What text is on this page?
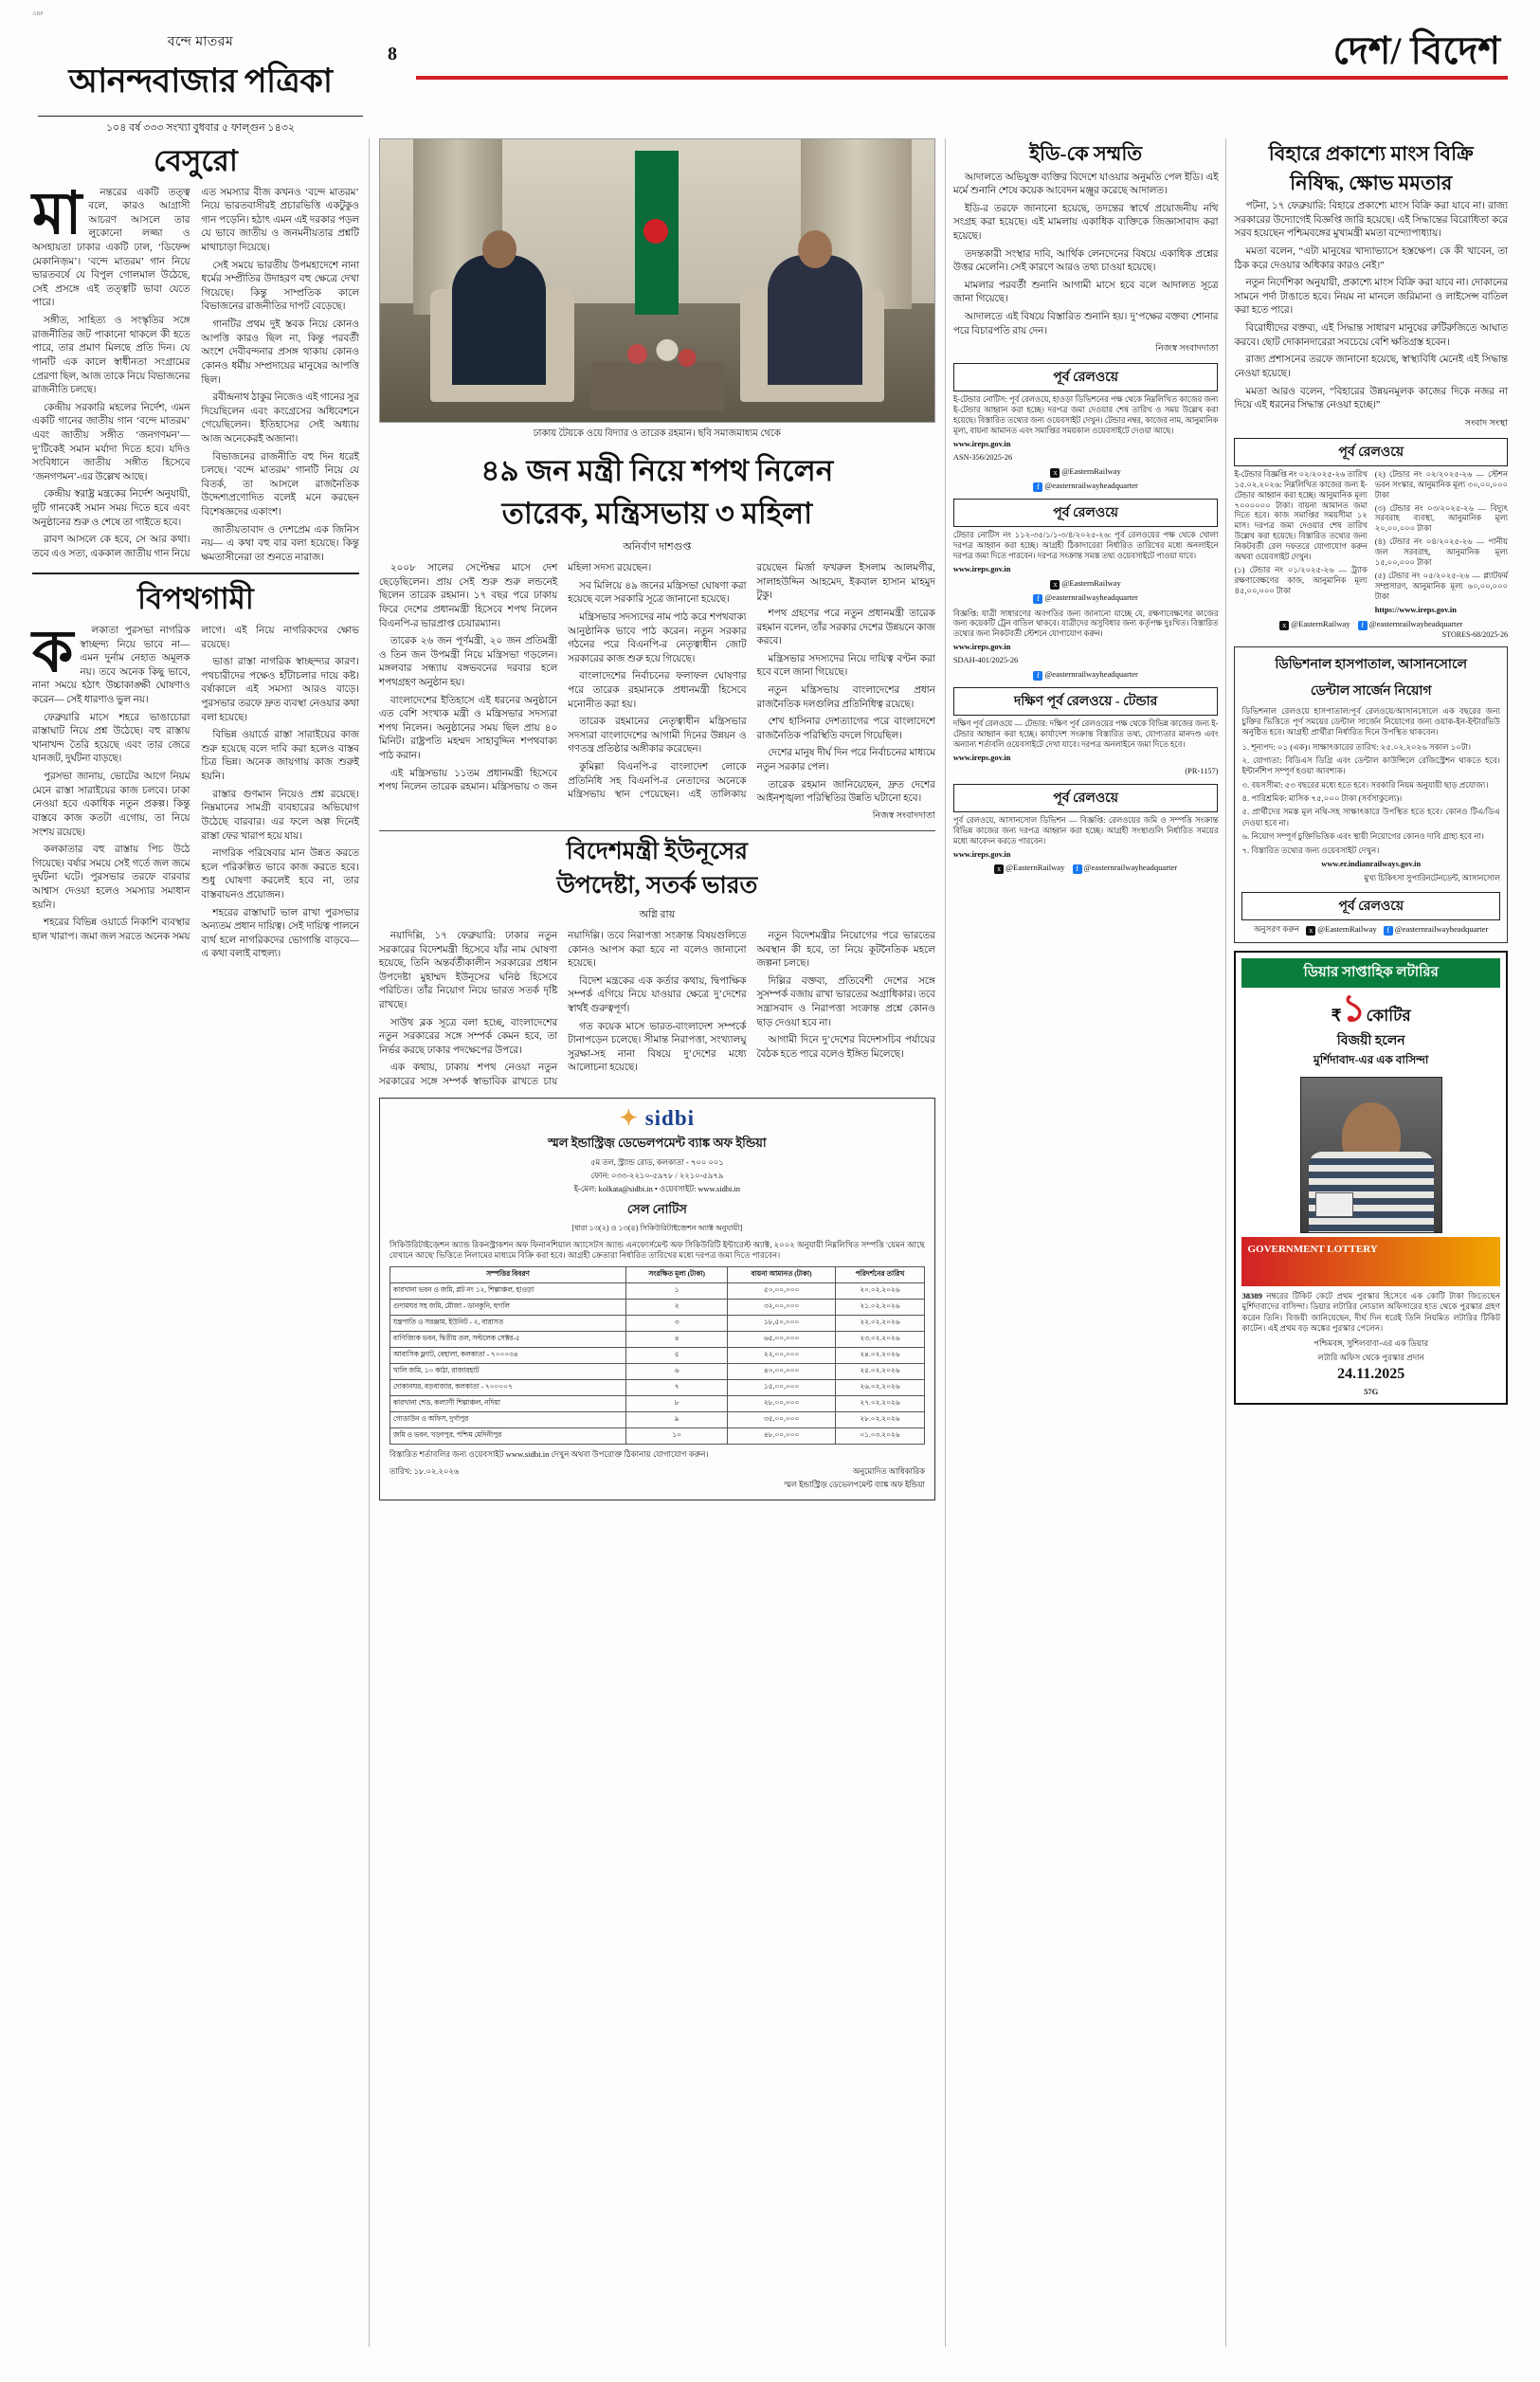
ABP
বন্দে মাতরম
আনন্দবাজার পত্রিকা
১০৪ বর্ষ ৩৩৩ সংখ্যা বুধবার ৫ ফাল্গুন ১৪৩২
8	দেশ/ বিদেশ
বেসুরো
মা	নন্তরের একটি তত্ত্ব বলে, কারও আগ্রাসী আচরণ আসলে তার লুকোনো লজ্জা ও অসহায়তা ঢাকার একটি ঢাল, ‘ডিফেন্স মেকানিজ়ম’। ‘বন্দে মাতরম’ গান নিয়ে ভারতবর্ষে যে বিপুল গোলমাল উঠেছে, সেই প্রসঙ্গে এই তত্ত্বটি ভাবা যেতে পারে।

সঙ্গীত, সাহিত্য ও সংস্কৃতির সঙ্গে রাজনীতির জট পাকানো থাকলে কী হতে পারে, তার প্রমাণ মিলছে প্রতি দিন। যে গানটি এক কালে স্বাধীনতা সংগ্রামের প্রেরণা ছিল, আজ তাকে নিয়ে বিভাজনের রাজনীতি চলছে।

কেন্দ্রীয় সরকারি মহলের নির্দেশ, এমন একটি গানের জাতীয় গান ‘বন্দে মাতরম’ এবং জাতীয় সঙ্গীত ‘জনগণমন’— দু’টিকেই সমান মর্যাদা দিতে হবে। যদিও সংবিধানে জাতীয় সঙ্গীত হিসেবে ‘জনগণমন’-এর উল্লেখ আছে।

কেন্দ্রীয় স্বরাষ্ট্র মন্ত্রকের নির্দেশ অনুযায়ী, দুটি গানকেই সমান সময় দিতে হবে এবং অনুষ্ঠানের শুরু ও শেষে তা গাইতে হবে।

রাবণ আসলে কে হবে, সে আর কথা। তবে এও সত্য, এককাল জাতীয় গান নিয়ে এত সমস্যার বীজ কখনও ‘বন্দে মাতরম’ নিয়ে ভারতবাসীরই প্রচারভিত্তি একটুকুও গান পড়েনি। হঠাৎ এমন এই দরকার পড়ল যে ভাবে জাতীয় ও জনমনীয়তার প্রশ্নটি মাথাচাড়া দিয়েছে।

সেই সময়ে ভারতীয় উপমহাদেশে নানা ধর্মের সম্প্রীতির উদাহরণ বহু ক্ষেত্রে দেখা গিয়েছে। কিন্তু সাম্প্রতিক কালে বিভাজনের রাজনীতির দাপট বেড়েছে।

গানটির প্রথম দুই স্তবক নিয়ে কোনও আপত্তি কারও ছিল না, কিন্তু পরবর্তী অংশে দেবীবন্দনার প্রসঙ্গ থাকায় কোনও কোনও ধর্মীয় সম্প্রদায়ের মানুষের আপত্তি ছিল।

রবীন্দ্রনাথ ঠাকুর নিজেও এই গানের সুর দিয়েছিলেন এবং কংগ্রেসের অধিবেশনে গেয়েছিলেন। ইতিহাসের সেই অধ্যায় আজ অনেকেরই অজানা।

বিভাজনের রাজনীতি বহু দিন ধরেই চলছে। ‘বন্দে মাতরম’ গানটি নিয়ে যে বিতর্ক, তা আসলে রাজনৈতিক উদ্দেশ্যপ্রণোদিত বলেই মনে করছেন বিশেষজ্ঞদের একাংশ।

জাতীয়তাবাদ ও দেশপ্রেম এক জিনিস নয়— এ কথা বহু বার বলা হয়েছে। কিন্তু ক্ষমতাসীনেরা তা শুনতে নারাজ।

বিপথগামী
ক	লকাতা পুরসভা নাগরিক স্বাচ্ছন্দ্য নিয়ে ভাবে না— এমন দুর্নাম নেহাত অমূলক নয়। তবে অনেক কিছু ভাবে, নানা সময়ে হঠাৎ উচ্চাকাঙ্ক্ষী ঘোষণাও করেন— সেই ধারণাও ভুল নয়।

ফেব্রুয়ারি মাসে শহরে ভাঙাচোরা রাস্তাঘাট নিয়ে প্রশ্ন উঠেছে। বহু রাস্তায় খানাখন্দ তৈরি হয়েছে এবং তার জেরে যানজট, দুর্ঘটনা বাড়ছে।

পুরসভা জানায়, ভোটের আগে নিয়ম মেনে রাস্তা সারাইয়ের কাজ চলবে। ঢাকা নেওয়া হবে একাধিক নতুন প্রকল্প। কিন্তু বাস্তবে কাজ কতটা এগোয়, তা নিয়ে সংশয় রয়েছে।

কলকাতার বহু রাস্তায় পিচ উঠে গিয়েছে। বর্ষার সময়ে সেই গর্তে জল জমে দুর্ঘটনা ঘটে। পুরসভার তরফে বারবার আশ্বাস দেওয়া হলেও সমস্যার সমাধান হয়নি।

শহরের বিভিন্ন ওয়ার্ডে নিকাশি ব্যবস্থার হাল খারাপ। জমা জল সরতে অনেক সময় লাগে। এই নিয়ে নাগরিকদের ক্ষোভ রয়েছে।

ভাঙা রাস্তা নাগরিক স্বাচ্ছন্দ্যর কারণ। পথচারীদের পক্ষেও হাঁটাচলার দায়ে কষ্ট। বর্ষাকালে এই সমস্যা আরও বাড়ে। পুরসভার তরফে দ্রুত ব্যবস্থা নেওয়ার কথা বলা হয়েছে।

বিভিন্ন ওয়ার্ডে রাস্তা সারাইয়ের কাজ শুরু হয়েছে বলে দাবি করা হলেও বাস্তব চিত্র ভিন্ন। অনেক জায়গায় কাজ শুরুই হয়নি।

রাস্তার গুণমান নিয়েও প্রশ্ন রয়েছে। নিম্নমানের সামগ্রী ব্যবহারের অভিযোগ উঠেছে বারবার। এর ফলে অল্প দিনেই রাস্তা ফের খারাপ হয়ে যায়।

নাগরিক পরিষেবার মান উন্নত করতে হলে পরিকল্পিত ভাবে কাজ করতে হবে। শুধু ঘোষণা করলেই হবে না, তার বাস্তবায়নও প্রয়োজন।

শহরের রাস্তাঘাট ভাল রাখা পুরসভার অন্যতম প্রধান দায়িত্ব। সেই দায়িত্ব পালনে ব্যর্থ হলে নাগরিকদের ভোগান্তি বাড়বে— এ কথা বলাই বাহুল্য।

ঢাকায় টৈয়কে ওয়ে বিদ্যার ও তারেক রহমান। ছবি সমাজমাধ্যম থেকে
৪৯ জন মন্ত্রী নিয়ে শপথ নিলেন
তারেক, মন্ত্রিসভায় ৩ মহিলা
অনির্বাণ দাশগুপ্ত

২০০৮ সালের সেপ্টেম্বর মাসে দেশ ছেড়েছিলেন। প্রায় সেই শুরু শুরু লন্ডনেই ছিলেন তারেক রহমান। ১৭ বছর পরে ঢাকায় ফিরে দেশের প্রধানমন্ত্রী হিসেবে শপথ নিলেন বিএনপি-র ভারপ্রাপ্ত চেয়ারম্যান।

তারেক ২৬ জন পূর্ণমন্ত্রী, ২০ জন প্রতিমন্ত্রী ও তিন জন উপমন্ত্রী নিয়ে মন্ত্রিসভা গড়লেন। মঙ্গলবার সন্ধ্যায় বঙ্গভবনের দরবার হলে শপথগ্রহণ অনুষ্ঠান হয়।

বাংলাদেশের ইতিহাসে এই ধরনের অনুষ্ঠানে এত বেশি সংখ্যক মন্ত্রী ও মন্ত্রিসভার সদস্যরা শপথ নিলেন। অনুষ্ঠানের সময় ছিল প্রায় ৪০ মিনিট। রাষ্ট্রপতি মহম্মদ সাহাবুদ্দিন শপথবাক্য পাঠ করান।

এই মন্ত্রিসভায় ১১তম প্রধানমন্ত্রী হিসেবে শপথ নিলেন তারেক রহমান। মন্ত্রিসভায় ৩ জন মহিলা সদস্য রয়েছেন।

সব মিলিয়ে ৪৯ জনের মন্ত্রিসভা ঘোষণা করা হয়েছে বলে সরকারি সূত্রে জানানো হয়েছে।

মন্ত্রিসভার সদস্যদের নাম পাঠ করে শপথবাক্য আনুষ্ঠানিক ভাবে পাঠ করেন। নতুন সরকার গঠনের পরে বিএনপি-র নেতৃত্বাধীন জোট সরকারের কাজ শুরু হয়ে গিয়েছে।

বাংলাদেশের নির্বাচনের ফলাফল ঘোষণার পরে তারেক রহমানকে প্রধানমন্ত্রী হিসেবে মনোনীত করা হয়।

তারেক রহমানের নেতৃত্বাধীন মন্ত্রিসভার সদস্যরা বাংলাদেশের আগামী দিনের উন্নয়ন ও গণতন্ত্র প্রতিষ্ঠার অঙ্গীকার করেছেন।

কুমিল্লা বিএনপি-র বাংলাদেশ লোকে প্রতিনিধি সহ বিএনপি-র নেতাদের অনেকে মন্ত্রিসভায় স্থান পেয়েছেন। এই তালিকায় রয়েছেন মির্জা ফখরুল ইসলাম আলমগীর, সালাহউদ্দিন আহমেদ, ইকবাল হাসান মাহমুদ টুকু।

শপথ গ্রহণের পরে নতুন প্রধানমন্ত্রী তারেক রহমান বলেন, তাঁর সরকার দেশের উন্নয়নে কাজ করবে।

মন্ত্রিসভার সদস্যদের নিয়ে দায়িত্ব বণ্টন করা হবে বলে জানা গিয়েছে।

নতুন মন্ত্রিসভায় বাংলাদেশের প্রধান রাজনৈতিক দলগুলির প্রতিনিধিত্ব রয়েছে।

শেখ হাসিনার দেশত্যাগের পরে বাংলাদেশে রাজনৈতিক পরিস্থিতি বদলে গিয়েছিল।

দেশের মানুষ দীর্ঘ দিন পরে নির্বাচনের মাধ্যমে নতুন সরকার পেল।

তারেক রহমান জানিয়েছেন, দ্রুত দেশের আইনশৃঙ্খলা পরিস্থিতির উন্নতি ঘটানো হবে।

নিজস্ব সংবাদদাতা
বিদেশমন্ত্রী ইউনূসের
উপদেষ্টা, সতর্ক ভারত
অগ্নি রায়

নয়াদিল্লি, ১৭ ফেব্রুয়ারি: ঢাকার নতুন সরকারের বিদেশমন্ত্রী হিসেবে যাঁর নাম ঘোষণা হয়েছে, তিনি অন্তর্বর্তীকালীন সরকারের প্রধান উপদেষ্টা মুহাম্মদ ইউনূসের ঘনিষ্ঠ হিসেবে পরিচিত। তাঁর নিয়োগ নিয়ে ভারত সতর্ক দৃষ্টি রাখছে।

সাউথ ব্লক সূত্রে বলা হচ্ছে, বাংলাদেশের নতুন সরকারের সঙ্গে সম্পর্ক কেমন হবে, তা নির্ভর করছে ঢাকার পদক্ষেপের উপরে।

এক কথায়, ঢাকায় শপথ নেওয়া নতুন সরকারের সঙ্গে সম্পর্ক স্বাভাবিক রাখতে চায় নয়াদিল্লি। তবে নিরাপত্তা সংক্রান্ত বিষয়গুলিতে কোনও আপস করা হবে না বলেও জানানো হয়েছে।

বিদেশ মন্ত্রকের এক কর্তার কথায়, দ্বিপাক্ষিক সম্পর্ক এগিয়ে নিয়ে যাওয়ার ক্ষেত্রে দু’দেশের স্বার্থই গুরুত্বপূর্ণ।

গত কয়েক মাসে ভারত-বাংলাদেশ সম্পর্কে টানাপড়েন চলেছে। সীমান্ত নিরাপত্তা, সংখ্যালঘু সুরক্ষা-সহ নানা বিষয়ে দু’দেশের মধ্যে আলোচনা হয়েছে।

নতুন বিদেশমন্ত্রীর নিয়োগের পরে ভারতের অবস্থান কী হবে, তা নিয়ে কূটনৈতিক মহলে জল্পনা চলছে।

দিল্লির বক্তব্য, প্রতিবেশী দেশের সঙ্গে সুসম্পর্ক বজায় রাখা ভারতের অগ্রাধিকার। তবে সন্ত্রাসবাদ ও নিরাপত্তা সংক্রান্ত প্রশ্নে কোনও ছাড় দেওয়া হবে না।

আগামী দিনে দু’দেশের বিদেশসচিব পর্যায়ের বৈঠক হতে পারে বলেও ইঙ্গিত মিলেছে।

✦ sidbi
স্মল ইন্ডাস্ট্রিজ় ডেভেলপমেন্ট ব্যাঙ্ক অফ ইন্ডিয়া
৫ম তল, স্ট্র্যান্ড রোড, কলকাতা - ৭০০ ০০১
ফোন: ০৩৩-২২১০-৫৯৭৮ / ২২১০-৫৯৭৯
ই-মেল: kolkata@sidbi.in • ওয়েবসাইট: www.sidbi.in
সেল নোটিস
[ধারা ১৩(২) ও ১৩(৪) সিকিউরিটাইজ়েশন অ্যাক্ট অনুযায়ী]
সিকিউরিটাইজ়েশন অ্যান্ড রিকনস্ট্রাকশন অফ ফিনানশিয়াল অ্যাসেটস অ্যান্ড এনফোর্সমেন্ট অফ সিকিউরিটি ইন্টারেস্ট অ্যাক্ট, ২০০২ অনুযায়ী নিম্নলিখিত সম্পত্তি 'যেমন আছে যেখানে আছে' ভিত্তিতে নিলামের মাধ্যমে বিক্রি করা হবে। আগ্রহী ক্রেতারা নির্ধারিত তারিখের মধ্যে দরপত্র জমা দিতে পারবেন।
সম্পত্তির বিবরণ	সংরক্ষিত মূল্য (টাকা)	বায়না আমানত (টাকা)	পরিদর্শনের তারিখ
কারখানা ভবন ও জমি, প্লট নং ১২, শিল্পাঞ্চল, হাওড়া	১	৫০,০০,০০০	২০.০২.২০২৬
গুদামঘর সহ জমি, মৌজা - ডানকুনি, হুগলি	২	৩২,০০,০০০	২১.০২.২০২৬
যন্ত্রপাতি ও সরঞ্জাম, ইউনিট - ২, বারাসত	৩	১৮,৫০,০০০	২২.০২.২০২৬
বাণিজ্যিক ভবন, দ্বিতীয় তল, সল্টলেক সেক্টর-৫	৪	৬৫,০০,০০০	২৩.০২.২০২৬
আবাসিক ফ্ল্যাট, বেহালা, কলকাতা - ৭০০০৩৪	৫	২২,০০,০০০	২৪.০২.২০২৬
খালি জমি, ১০ কাঠা, রাজারহাট	৬	৪০,০০,০০০	২৫.০২.২০২৬
দোকানঘর, বড়বাজার, কলকাতা - ৭০০০০৭	৭	১৫,০০,০০০	২৬.০২.২০২৬
কারখানা শেড, কল্যাণী শিল্পাঞ্চল, নদিয়া	৮	২৮,০০,০০০	২৭.০২.২০২৬
গোডাউন ও অফিস, দুর্গাপুর	৯	৩৫,০০,০০০	২৮.০২.২০২৬
জমি ও ভবন, খড়্গপুর, পশ্চিম মেদিনীপুর	১০	৪৮,০০,০০০	০১.০৩.২০২৬
বিস্তারিত শর্তাবলির জন্য ওয়েবসাইট www.sidbi.in দেখুন অথবা উপরোক্ত ঠিকানায় যোগাযোগ করুন।
তারিখ: ১৮.০২.২০২৬	অনুমোদিত আধিকারিক
স্মল ইন্ডাস্ট্রিজ় ডেভেলপমেন্ট ব্যাঙ্ক অফ ইন্ডিয়া
ইডি-কে সম্মতি

আদালতে অভিযুক্ত ব্যক্তির বিদেশে যাওয়ার অনুমতি পেল ইডি। এই মর্মে শুনানি শেষে কয়েক আবেদন মঞ্জুর করেছে আদালত।

ইডি-র তরফে জানানো হয়েছে, তদন্তের স্বার্থে প্রয়োজনীয় নথি সংগ্রহ করা হয়েছে। এই মামলায় একাধিক ব্যক্তিকে জিজ্ঞাসাবাদ করা হয়েছে।

তদন্তকারী সংস্থার দাবি, আর্থিক লেনদেনের বিষয়ে একাধিক প্রশ্নের উত্তর মেলেনি। সেই কারণে আরও তথ্য চাওয়া হয়েছে।

মামলার পরবর্তী শুনানি আগামী মাসে হবে বলে আদালত সূত্রে জানা গিয়েছে।

আদালতে এই বিষয়ে বিস্তারিত শুনানি হয়। দু’পক্ষের বক্তব্য শোনার পরে বিচারপতি রায় দেন।

নিজস্ব সংবাদদাতা
পূর্ব রেলওয়ে

ই-টেন্ডার নোটিস: পূর্ব রেলওয়ে, হাওড়া ডিভিশনের পক্ষ থেকে নিম্নলিখিত কাজের জন্য ই-টেন্ডার আহ্বান করা হচ্ছে। দরপত্র জমা দেওয়ার শেষ তারিখ ও সময় উল্লেখ করা হয়েছে। বিস্তারিত তথ্যের জন্য ওয়েবসাইট দেখুন। টেন্ডার নম্বর, কাজের নাম, আনুমানিক মূল্য, বায়না আমানত এবং সমাপ্তির সময়কাল ওয়েবসাইটে দেওয়া আছে।

www.ireps.gov.in

ASN-356/2025-26

x @EasternRailway
f @easternrailwayheadquarter
পূর্ব রেলওয়ে

টেন্ডার নোটিস নং ১১২-৩৫/১/১-৩/৪/২০২৫-২৬: পূর্ব রেলওয়ের পক্ষ থেকে খোলা দরপত্র আহ্বান করা হচ্ছে। আগ্রহী ঠিকাদারেরা নির্ধারিত তারিখের মধ্যে অনলাইনে দরপত্র জমা দিতে পারবেন। দরপত্র সংক্রান্ত সমস্ত তথ্য ওয়েবসাইটে পাওয়া যাবে।

www.ireps.gov.in

x @EasternRailway
f @easternrailwayheadquarter

বিজ্ঞপ্তি: যাত্রী সাধারণের অবগতির জন্য জানানো যাচ্ছে যে, রক্ষণাবেক্ষণের কাজের জন্য কয়েকটি ট্রেন বাতিল থাকবে। যাত্রীদের অসুবিধার জন্য কর্তৃপক্ষ দুঃখিত। বিস্তারিত তথ্যের জন্য নিকটবর্তী স্টেশনে যোগাযোগ করুন।

www.ireps.gov.in

SDAH-401/2025-26

f @easternrailwayheadquarter
দক্ষিণ পূর্ব রেলওয়ে - টেন্ডার

দক্ষিণ পূর্ব রেলওয়ে — টেন্ডার: দক্ষিণ পূর্ব রেলওয়ের পক্ষ থেকে বিভিন্ন কাজের জন্য ই-টেন্ডার আহ্বান করা হচ্ছে। কার্যাদেশ সংক্রান্ত বিস্তারিত তথ্য, যোগ্যতার মানদণ্ড এবং অন্যান্য শর্তাবলি ওয়েবসাইটে দেখা যাবে। দরপত্র অনলাইনে জমা দিতে হবে।

www.ireps.gov.in

(PR-1157)

পূর্ব রেলওয়ে

পূর্ব রেলওয়ে, আসানসোল ডিভিশন — বিজ্ঞপ্তি: রেলওয়ের জমি ও সম্পত্তি সংক্রান্ত বিভিন্ন কাজের জন্য দরপত্র আহ্বান করা হচ্ছে। আগ্রহী সংস্থাগুলি নির্ধারিত সময়ের মধ্যে আবেদন করতে পারবেন।

www.ireps.gov.in

x @EasternRailway f @easternrailwayheadquarter
বিহারে প্রকাশ্যে মাংস বিক্রি
নিষিদ্ধ, ক্ষোভ মমতার

পটনা, ১৭ ফেব্রুয়ারি: বিহারে প্রকাশ্যে মাংস বিক্রি করা যাবে না। রাজ্য সরকারের উদ্যোগেই বিজ্ঞপ্তি জারি হয়েছে। এই সিদ্ধান্তের বিরোধিতা করে সরব হয়েছেন পশ্চিমবঙ্গের মুখ্যমন্ত্রী মমতা বন্দ্যোপাধ্যায়।

মমতা বলেন, “এটা মানুষের খাদ্যাভ্যাসে হস্তক্ষেপ। কে কী খাবেন, তা ঠিক করে দেওয়ার অধিকার কারও নেই।”

নতুন নির্দেশিকা অনুযায়ী, প্রকাশ্যে মাংস বিক্রি করা যাবে না। দোকানের সামনে পর্দা টাঙাতে হবে। নিয়ম না মানলে জরিমানা ও লাইসেন্স বাতিল করা হতে পারে।

বিরোধীদের বক্তব্য, এই সিদ্ধান্ত সাধারণ মানুষের রুটিরুজিতে আঘাত করবে। ছোট দোকানদারেরা সবচেয়ে বেশি ক্ষতিগ্রস্ত হবেন।

রাজ্য প্রশাসনের তরফে জানানো হয়েছে, স্বাস্থ্যবিধি মেনেই এই সিদ্ধান্ত নেওয়া হয়েছে।

মমতা আরও বলেন, “বিহারের উন্নয়নমূলক কাজের দিকে নজর না দিয়ে এই ধরনের সিদ্ধান্ত নেওয়া হচ্ছে।”

সংবাদ সংস্থা
পূর্ব রেলওয়ে

ই-টেন্ডার বিজ্ঞপ্তি নং ০২/২০২৫-২৬ তারিখ ১৫.০২.২০২৬: নিম্নলিখিত কাজের জন্য ই-টেন্ডার আহ্বান করা হচ্ছে। আনুমানিক মূল্য ৭০০০০০০ টাকা। বায়না আমানত জমা দিতে হবে। কাজ সমাপ্তির সময়সীমা ১২ মাস। দরপত্র জমা দেওয়ার শেষ তারিখ উল্লেখ করা হয়েছে। বিস্তারিত তথ্যের জন্য নিকটবর্তী রেল দফতরে যোগাযোগ করুন অথবা ওয়েবসাইট দেখুন।

(১) টেন্ডার নং ০১/২০২৫-২৬ — ট্র্যাক রক্ষণাবেক্ষণের কাজ, আনুমানিক মূল্য ৪৫,০০,০০০ টাকা

(২) টেন্ডার নং ০২/২০২৫-২৬ — স্টেশন ভবন সংস্কার, আনুমানিক মূল্য ৩০,০০,০০০ টাকা

(৩) টেন্ডার নং ০৩/২০২৫-২৬ — বিদ্যুৎ সরবরাহ ব্যবস্থা, আনুমানিক মূল্য ২০,০০,০০০ টাকা

(৪) টেন্ডার নং ০৪/২০২৫-২৬ — পানীয় জল সরবরাহ, আনুমানিক মূল্য ১৫,০০,০০০ টাকা

(৫) টেন্ডার নং ০৫/২০২৫-২৬ — প্ল্যাটফর্ম সম্প্রসারণ, আনুমানিক মূল্য ৬০,০০,০০০ টাকা

https://www.ireps.gov.in

x @EasternRailway f @easternrailwayheadquarter
STORES-68/2025-26
ডিভিশনাল হাসপাতাল, আসানসোলে
ডেন্টাল সার্জেন নিয়োগ
ডিভিশনাল রেলওয়ে হাসপাতাল/পূর্ব রেলওয়ে/আসানসোলে এক বছরের জন্য চুক্তির ভিত্তিতে পূর্ণ সময়ের ডেন্টাল সার্জেন নিয়োগের জন্য ওয়াক-ইন-ইন্টারভিউ অনুষ্ঠিত হবে। আগ্রহী প্রার্থীরা নির্ধারিত দিনে উপস্থিত থাকবেন।

১. শূন্যপদ: ০১ (এক)। সাক্ষাৎকারের তারিখ: ২৫.০২.২০২৬ সকাল ১০টা।

২. যোগ্যতা: বিডিএস ডিগ্রি এবং ডেন্টাল কাউন্সিলে রেজিস্ট্রেশন থাকতে হবে। ইন্টার্নশিপ সম্পূর্ণ হওয়া আবশ্যক।

৩. বয়সসীমা: ৫৩ বছরের মধ্যে হতে হবে। সরকারি নিয়ম অনুযায়ী ছাড় প্রযোজ্য।

৪. পারিশ্রমিক: মাসিক ৭৫,০০০ টাকা (সর্বসাকুল্যে)।

৫. প্রার্থীদের সমস্ত মূল নথি-সহ সাক্ষাৎকারে উপস্থিত হতে হবে। কোনও টিএ/ডিএ দেওয়া হবে না।

৬. নিয়োগ সম্পূর্ণ চুক্তিভিত্তিক এবং স্থায়ী নিয়োগের কোনও দাবি গ্রাহ্য হবে না।

৭. বিস্তারিত তথ্যের জন্য ওয়েবসাইট দেখুন।

www.er.indianrailways.gov.in
মুখ্য চিকিৎসা সুপারিনটেনডেন্ট, আসানসোল
পূর্ব রেলওয়ে
অনুসরণ করুন x @EasternRailway f @easternrailwayheadquarter
ডিয়ার সাপ্তাহিক লটারির
₹১কোটির
বিজয়ী হলেন
মুর্শিদাবাদ-এর এক বাসিন্দা
GOVERNMENT LOTTERY
38389 নম্বরের টিকিট কেটে প্রথম পুরস্কার হিসেবে এক কোটি টাকা জিতেছেন মুর্শিদাবাদের বাসিন্দা। ডিয়ার লটারির নোডাল অফিসারের হাত থেকে পুরস্কার গ্রহণ করেন তিনি। বিজয়ী জানিয়েছেন, দীর্ঘ দিন ধরেই তিনি নিয়মিত লটারির টিকিট কাটেন। এই প্রথম বড় অঙ্কের পুরস্কার পেলেন।
পশ্চিমবঙ্গ, সুশিলবাবা-এর এক ডিয়ার
লটারি অফিস থেকে পুরস্কার প্রদান
24.11.2025
57G
